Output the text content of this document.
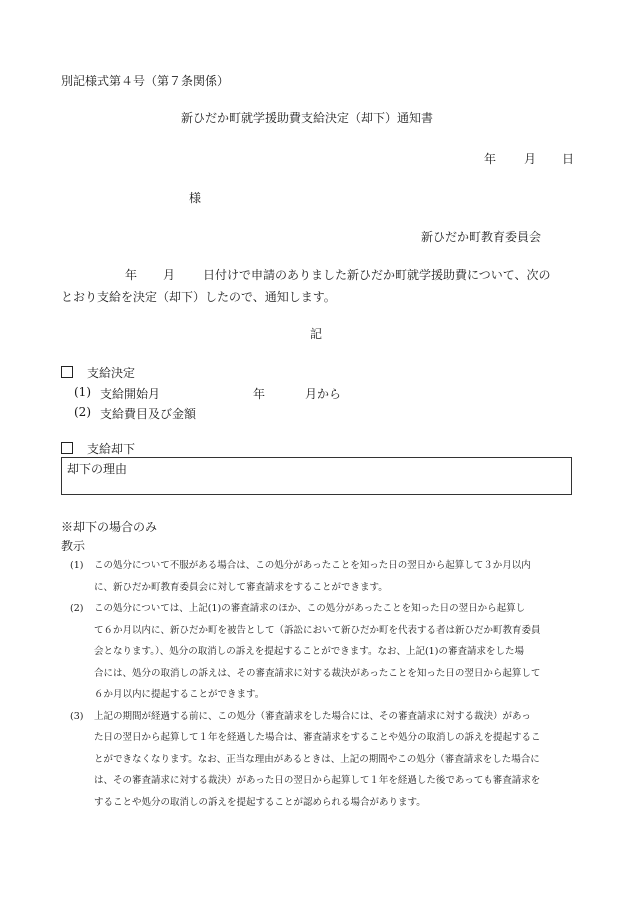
別記様式第４号（第７条関係）
新ひだか町就学援助費支給決定（却下）通知書
年 月 日
様
新ひだか町教育委員会
年 月 日付けで申請のありました新ひだか町就学援助費について、次の
とおり支給を決定（却下）したので、通知します。
記
支給決定
(1) 支給開始月	年	月から
(2) 支給費目及び金額
支給却下
却下の理由
※却下の場合のみ
教示
(1)	この処分について不服がある場合は、この処分があったことを知った日の翌日から起算して３か月以内
に、新ひだか町教育委員会に対して審査請求をすることができます。
(2)	この処分については、上記(1)の審査請求のほか、この処分があったことを知った日の翌日から起算し
て６か月以内に、新ひだか町を被告として（訴訟において新ひだか町を代表する者は新ひだか町教育委員
会となります。）、処分の取消しの訴えを提起することができます。なお、上記(1)の審査請求をした場
合には、処分の取消しの訴えは、その審査請求に対する裁決があったことを知った日の翌日から起算して
６か月以内に提起することができます。
(3)	上記の期間が経過する前に、この処分（審査請求をした場合には、その審査請求に対する裁決）があっ
た日の翌日から起算して１年を経過した場合は、審査請求をすることや処分の取消しの訴えを提起するこ
とができなくなります。なお、正当な理由があるときは、上記の期間やこの処分（審査請求をした場合に
は、その審査請求に対する裁決）があった日の翌日から起算して１年を経過した後であっても審査請求を
することや処分の取消しの訴えを提起することが認められる場合があります。
